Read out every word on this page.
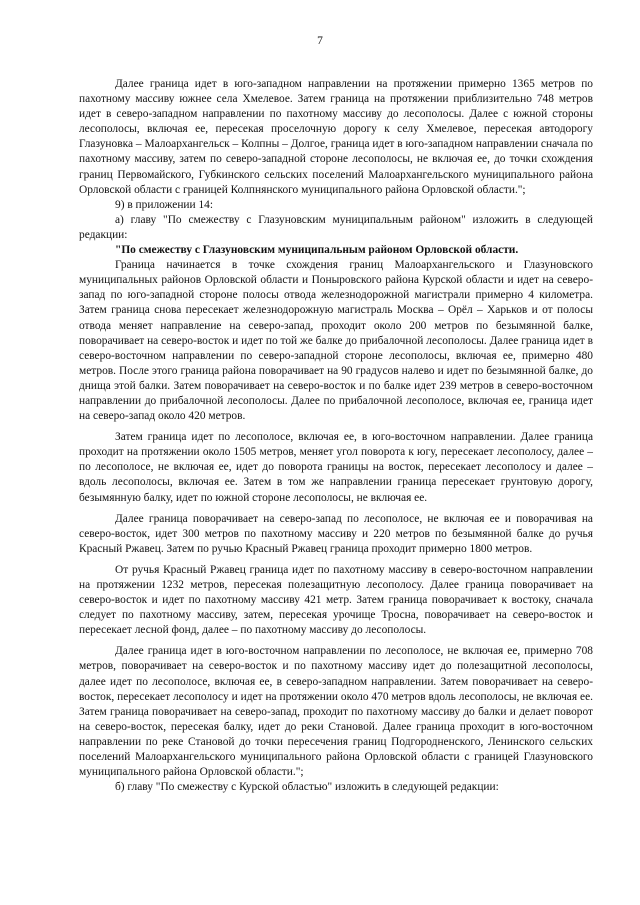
7

Далее граница идет в юго-западном направлении на протяжении примерно 1365 метров по пахотному массиву южнее села Хмелевое. Затем граница на протяжении приблизительно 748 метров идет в северо-западном направлении по пахотному массиву до лесополосы. Далее с южной стороны лесополосы, включая ее, пересекая проселочную дорогу к селу Хмелевое, пересекая автодорогу Глазуновка – Малоархангельск – Колпны – Долгое, граница идет в юго-западном направлении сначала по пахотному массиву, затем по северо-западной стороне лесополосы, не включая ее, до точки схождения границ Первомайского, Губкинского сельских поселений Малоархангельского муниципального района Орловской области с границей Колпнянского муниципального района Орловской области.";

9) в приложении 14:

а) главу "По смежеству с Глазуновским муниципальным районом" изложить в следующей редакции:

"По смежеству с Глазуновским муниципальным районом Орловской области.

Граница начинается в точке схождения границ Малоархангельского и Глазуновского муниципальных районов Орловской области и Поныровского района Курской области и идет на северо-запад по юго-западной стороне полосы отвода железнодорожной магистрали примерно 4 километра. Затем граница снова пересекает железнодорожную магистраль Москва – Орёл – Харьков и от полосы отвода меняет направление на северо-запад, проходит около 200 метров по безымянной балке, поворачивает на северо-восток и идет по той же балке до прибалочной лесополосы. Далее граница идет в северо-восточном направлении по северо-западной стороне лесополосы, включая ее, примерно 480 метров. После этого граница района поворачивает на 90 градусов налево и идет по безымянной балке, до днища этой балки. Затем поворачивает на северо-восток и по балке идет 239 метров в северо-восточном направлении до прибалочной лесополосы. Далее по прибалочной лесополосе, включая ее, граница идет на северо-запад около 420 метров.

Затем граница идет по лесополосе, включая ее, в юго-восточном направлении. Далее граница проходит на протяжении около 1505 метров, меняет угол поворота к югу, пересекает лесополосу, далее – по лесополосе, не включая ее, идет до поворота границы на восток, пересекает лесополосу и далее – вдоль лесополосы, включая ее. Затем в том же направлении граница пересекает грунтовую дорогу, безымянную балку, идет по южной стороне лесополосы, не включая ее.

Далее граница поворачивает на северо-запад по лесополосе, не включая ее и поворачивая на северо-восток, идет 300 метров по пахотному массиву и 220 метров по безымянной балке до ручья Красный Ржавец. Затем по ручью Красный Ржавец граница проходит примерно 1800 метров.

От ручья Красный Ржавец граница идет по пахотному массиву в северо-восточном направлении на протяжении 1232 метров, пересекая полезащитную лесополосу. Далее граница поворачивает на северо-восток и идет по пахотному массиву 421 метр. Затем граница поворачивает к востоку, сначала следует по пахотному массиву, затем, пересекая урочище Троснa, поворачивает на северо-восток и пересекает лесной фонд, далее – по пахотному массиву до лесополосы.

Далее граница идет в юго-восточном направлении по лесополосе, не включая ее, примерно 708 метров, поворачивает на северо-восток и по пахотному массиву идет до полезащитной лесополосы, далее идет по лесополосе, включая ее, в северо-западном направлении. Затем поворачивает на северо-восток, пересекает лесополосу и идет на протяжении около 470 метров вдоль лесополосы, не включая ее. Затем граница поворачивает на северо-запад, проходит по пахотному массиву до балки и делает поворот на северо-восток, пересекая балку, идет до реки Становой. Далее граница проходит в юго-восточном направлении по реке Становой до точки пересечения границ Подгородненского, Ленинского сельских поселений Малоархангельского муниципального района Орловской области с границей Глазуновского муниципального района Орловской области.";

б) главу "По смежеству с Курской областью" изложить в следующей редакции:
